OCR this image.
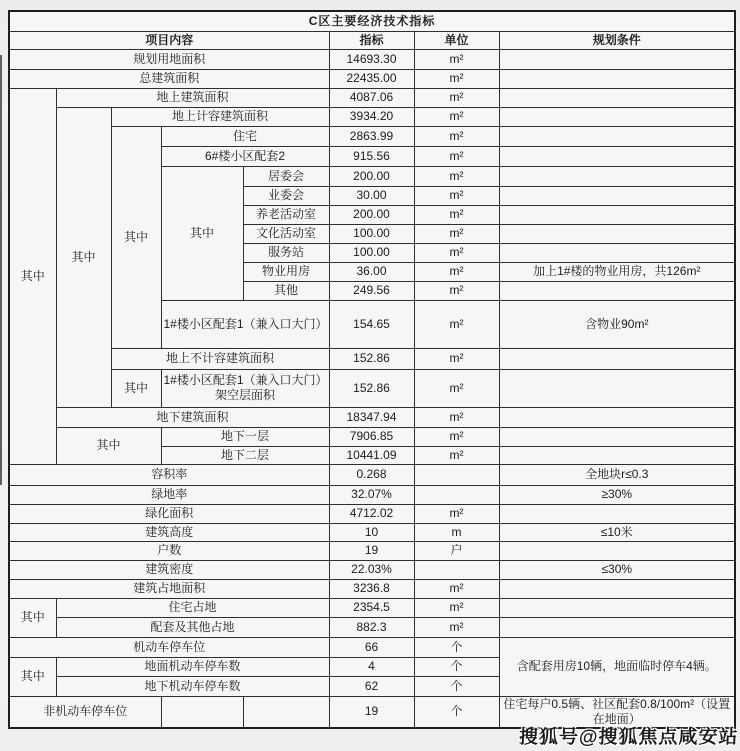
C区主要经济技术指标							
项目内容					指标	单位	规划条件
规划用地面积					14693.30	m²	
总建筑面积					22435.00	m²	
其中	地上建筑面积				4087.06	m²	
	其中	地上计容建筑面积			3934.20	m²	
		其中	住宅		2863.99	m²	
			6#楼小区配套2		915.56	m²	
			其中	居委会	200.00	m²	
				业委会	30.00	m²	
				养老活动室	200.00	m²	
				文化活动室	100.00	m²	
				服务站	100.00	m²	
				物业用房	36.00	m²	加上1#楼的物业用房，共126m²
				其他	249.56	m²	
			1#楼小区配套1（兼入口大门）		154.65	m²	含物业90m²
		地上不计容建筑面积			152.86	m²	
		其中	1#楼小区配套1（兼入口大门）
架空层面积		152.86	m²	
	地下建筑面积				18347.94	m²	
	其中		地下一层		7906.85	m²	
			地下二层		10441.09	m²	
容积率					0.268		全地块r≤0.3
绿地率					32.07%		≥30%
绿化面积					4712.02	m²	
建筑高度					10	m	≤10米
户数					19	户	
建筑密度					22.03%		≤30%
建筑占地面积					3236.8	m²	
其中	住宅占地				2354.5	m²	
	配套及其他占地				882.3	m²	
机动车停车位					66	个	含配套用房10辆，地面临时停车4辆。
其中	地面机动车停车数				4	个	
	地下机动车停车数				62	个	
非机动车停车位					19	个	住宅每户0.5辆、社区配套0.8/100m²（设置在地面）
搜狐号@搜狐焦点咸安站
